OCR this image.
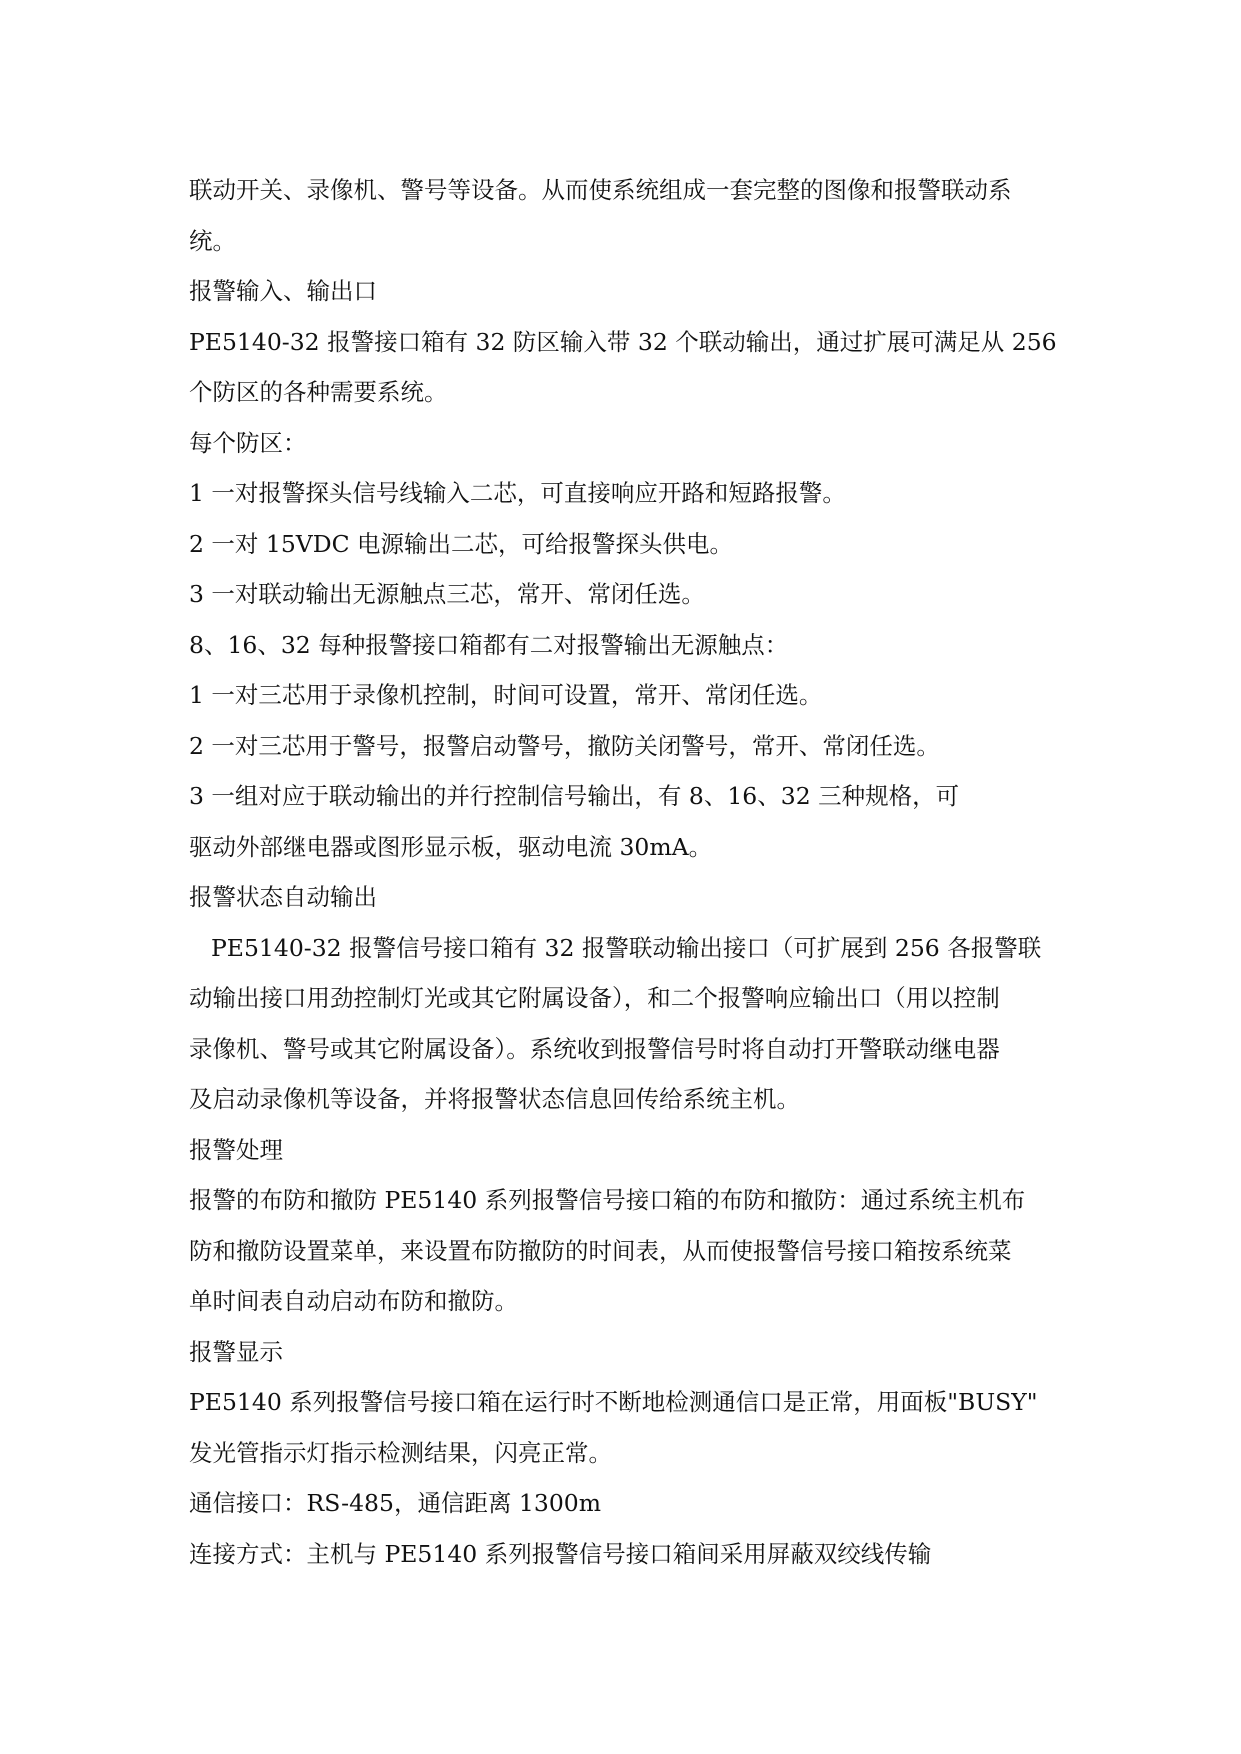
联动开关、录像机、警号等设备。从而使系统组成一套完整的图像和报警联动系
统。
报警输入、输出口
PE5140-32 报警接口箱有 32 防区输入带 32 个联动输出，通过扩展可满足从 256
个防区的各种需要系统。
每个防区：
1 一对报警探头信号线输入二芯，可直接响应开路和短路报警。
2 一对 15VDC 电源输出二芯，可给报警探头供电。
3 一对联动输出无源触点三芯，常开、常闭任选。
8、16、32 每种报警接口箱都有二对报警输出无源触点：
1 一对三芯用于录像机控制，时间可设置，常开、常闭任选。
2 一对三芯用于警号，报警启动警号，撤防关闭警号，常开、常闭任选。
3 一组对应于联动输出的并行控制信号输出，有 8、16、32 三种规格，可
驱动外部继电器或图形显示板，驱动电流 30mA。
报警状态自动输出
PE5140-32 报警信号接口箱有 32 报警联动输出接口（可扩展到 256 各报警联
动输出接口用劲控制灯光或其它附属设备），和二个报警响应输出口（用以控制
录像机、警号或其它附属设备）。系统收到报警信号时将自动打开警联动继电器
及启动录像机等设备，并将报警状态信息回传给系统主机。
报警处理
报警的布防和撤防 PE5140 系列报警信号接口箱的布防和撤防：通过系统主机布
防和撤防设置菜单，来设置布防撤防的时间表，从而使报警信号接口箱按系统菜
单时间表自动启动布防和撤防。
报警显示
PE5140 系列报警信号接口箱在运行时不断地检测通信口是正常，用面板"BUSY"
发光管指示灯指示检测结果，闪亮正常。
通信接口：RS-485，通信距离 1300m
连接方式：主机与 PE5140 系列报警信号接口箱间采用屏蔽双绞线传输
